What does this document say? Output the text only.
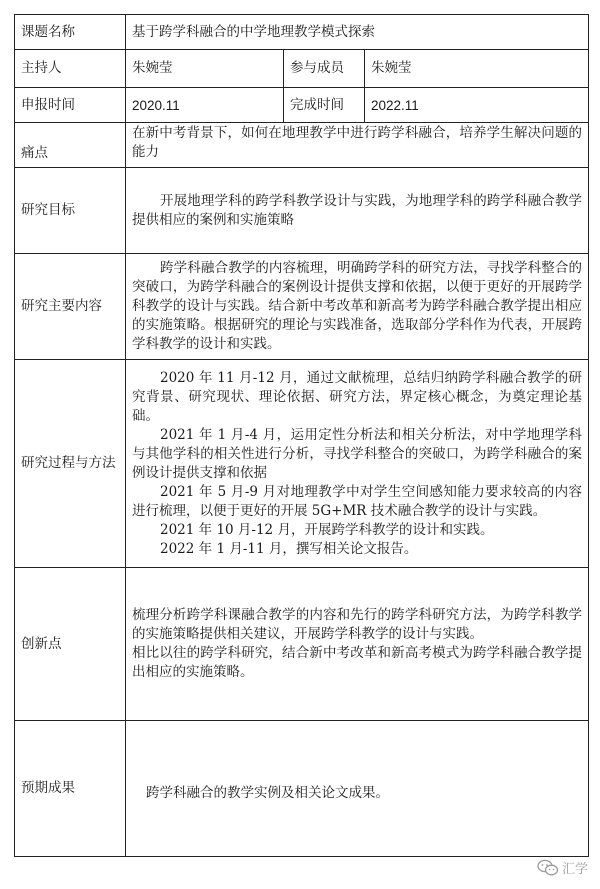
课题名称	基于跨学科融合的中学地理教学模式探索		
主持人	朱婉莹	参与成员	朱婉莹
申报时间	2020.11	完成时间	2022.11
痛点	在新中考背景下，如何在地理教学中进行跨学科融合，培养学生解决问题的能力		

研究目标	开展地理学科的跨学科教学设计与实践，为地理学科的跨学科融合教学提供相应的案例和实施策略		

研究主要内容	跨学科融合教学的内容梳理，明确跨学科的研究方法，寻找学科整合的突破口，为跨学科融合的案例设计提供支撑和依据，以便于更好的开展跨学科教学的设计与实践。结合新中考改革和新高考为跨学科融合教学提出相应的实施策略。根据研究的理论与实践准备，选取部分学科作为代表，开展跨学科教学的设计和实践。		

研究过程与方法	2020 年 11 月-12 月，通过文献梳理，总结归纳跨学科融合教学的研究背景、研究现状、理论依据、研究方法，界定核心概念，为奠定理论基础。

2021 年 1 月-4 月，运用定性分析法和相关分析法，对中学地理学科与其他学科的相关性进行分析，寻找学科整合的突破口，为跨学科融合的案例设计提供支撑和依据

2021 年 5 月-9 月对地理教学中对学生空间感知能力要求较高的内容进行梳理，以便于更好的开展 5G+MR 技术融合教学的设计与实践。

2021 年 10 月-12 月，开展跨学科教学的设计和实践。

2022 年 1 月-11 月，撰写相关论文报告。		

创新点	梳理分析跨学科课融合教学的内容和先行的跨学科研究方法，为跨学科教学的实施策略提供相关建议，开展跨学科教学的设计与实践。

相比以往的跨学科研究，结合新中考改革和新高考模式为跨学科融合教学提出相应的实施策略。		

预期成果	跨学科融合的教学实例及相关论文成果。		

汇学
